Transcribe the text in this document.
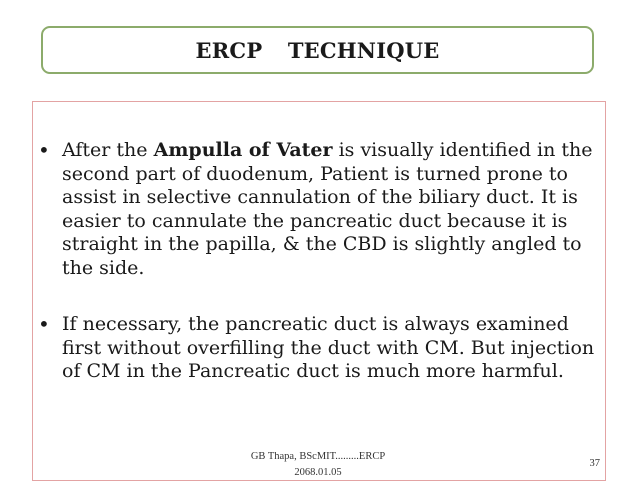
ERCP TECHNIQUE
• After the Ampulla of Vater is visually identified in the second part of duodenum, Patient is turned prone to assist in selective cannulation of the biliary duct. It is easier to cannulate the pancreatic duct because it is straight in the papilla, & the CBD is slightly angled to the side.
• If necessary, the pancreatic duct is always examined first without overfilling the duct with CM. But injection of CM in the Pancreatic duct is much more harmful.
GB Thapa, BScMIT.........ERCP
2068.01.05
37
